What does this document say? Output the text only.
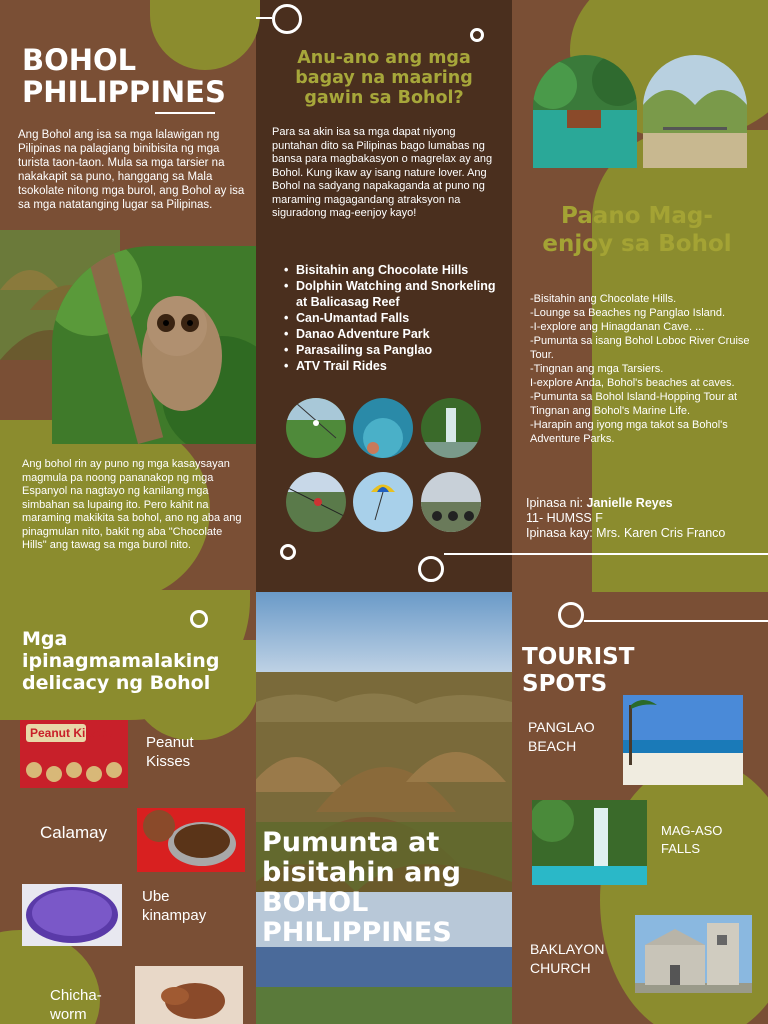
BOHOL
PHILIPPINES
Ang Bohol ang isa sa mga lalawigan ng Pilipinas na palagiang binibisita ng mga turista taon-taon. Mula sa mga tarsier na nakakapit sa puno, hanggang sa Mala tsokolate nitong mga burol, ang Bohol ay isa sa mga natatanging lugar sa Pilipinas.
Ang bohol rin ay puno ng mga kasaysayan magmula pa noong pananakop ng mga Espanyol na nagtayo ng kanilang mga simbahan sa lupaing ito. Pero kahit na maraming makikita sa bohol, ano ng aba ang pinagmulan nito, bakit ng aba "Chocolate Hills" ang tawag sa mga burol nito.
Anu-ano ang mga bagay na maaring gawin sa Bohol?
Para sa akin isa sa mga dapat niyong puntahan dito sa Pilipinas bago lumabas ng bansa para magbakasyon o magrelax ay ang Bohol. Kung ikaw ay isang nature lover. Ang Bohol na sadyang napakaganda at puno ng maraming magagandang atraksyon na siguradong mag-eenjoy kayo!
• Bisitahin ang Chocolate Hills
• Dolphin Watching and Snorkeling at Balicasag Reef
• Can-Umantad Falls
• Danao Adventure Park
• Parasailing sa Panglao
• ATV Trail Rides
Paano Mag-enjoy sa Bohol
-Bisitahin ang Chocolate Hills.
-Lounge sa Beaches ng Panglao Island.
-I-explore ang Hinagdanan Cave. ...
-Pumunta sa isang Bohol Loboc River Cruise Tour.
-Tingnan ang mga Tarsiers.
I-explore Anda, Bohol's beaches at caves.
-Pumunta sa Bohol Island-Hopping Tour at Tingnan ang Bohol's Marine Life.
-Harapin ang iyong mga takot sa Bohol's Adventure Parks.
Ipinasa ni: Janielle Reyes
11- HUMSS F
Ipinasa kay: Mrs. Karen Cris Franco
Mga ipinagmamalaking delicacy ng Bohol
Peanut Kisses
Peanut Kisses
Calamay
Ube kinampay
Chicha-worm
Pumunta at
bisitahin ang
BOHOL
PHILIPPINES
TOURIST
SPOTS
PANGLAO BEACH
MAG-ASO FALLS
BAKLAYON CHURCH
